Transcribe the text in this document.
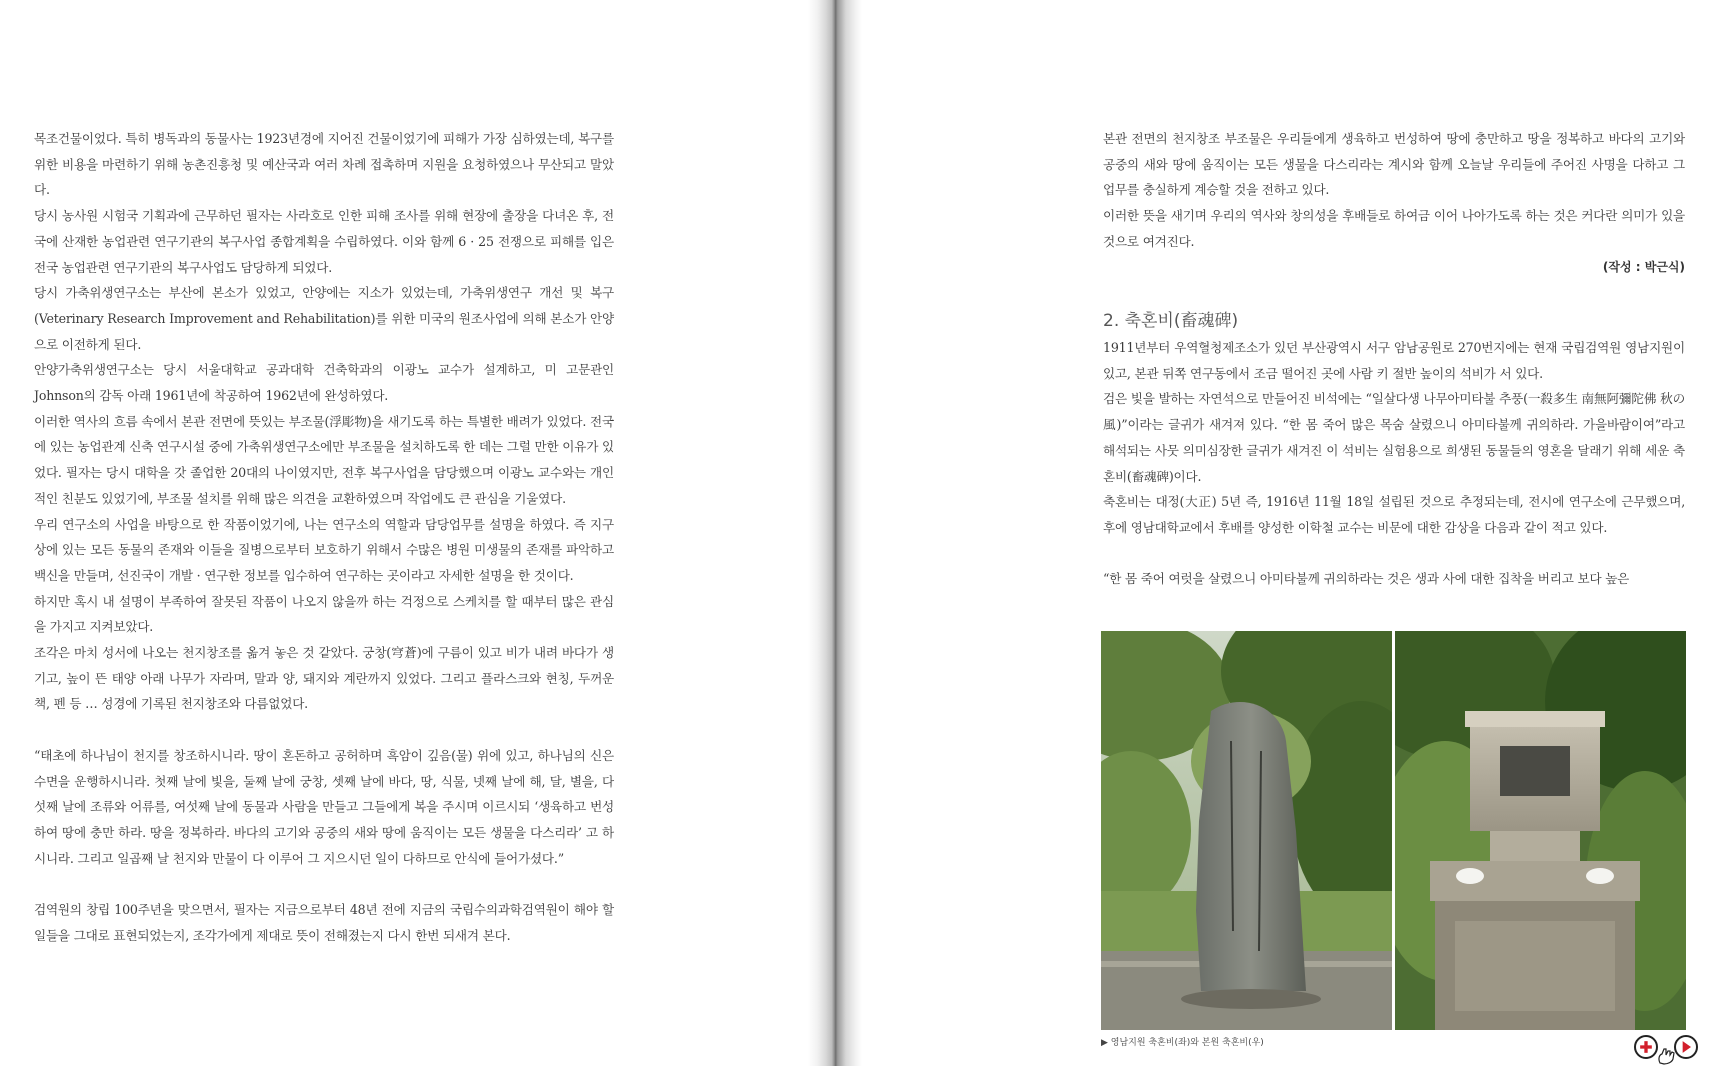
목조건물이었다. 특히 병독과의 동물사는 1923년경에 지어진 건물이었기에 피해가 가장 심하였는데, 복구를 위한 비용을 마련하기 위해 농촌진흥청 및 예산국과 여러 차례 접촉하며 지원을 요청하였으나 무산되고 말았다.

당시 농사원 시험국 기획과에 근무하던 필자는 사라호로 인한 피해 조사를 위해 현장에 출장을 다녀온 후, 전국에 산재한 농업관련 연구기관의 복구사업 종합계획을 수립하였다. 이와 함께 6 · 25 전쟁으로 피해를 입은 전국 농업관련 연구기관의 복구사업도 담당하게 되었다.

당시 가축위생연구소는 부산에 본소가 있었고, 안양에는 지소가 있었는데, 가축위생연구 개선 및 복구(Veterinary Research Improvement and Rehabilitation)를 위한 미국의 원조사업에 의해 본소가 안양으로 이전하게 된다.

안양가축위생연구소는 당시 서울대학교 공과대학 건축학과의 이광노 교수가 설계하고, 미 고문관인 Johnson의 감독 아래 1961년에 착공하여 1962년에 완성하였다.

이러한 역사의 흐름 속에서 본관 전면에 뜻있는 부조물(浮彫物)을 새기도록 하는 특별한 배려가 있었다. 전국에 있는 농업관계 신축 연구시설 중에 가축위생연구소에만 부조물을 설치하도록 한 데는 그럴 만한 이유가 있었다. 필자는 당시 대학을 갓 졸업한 20대의 나이였지만, 전후 복구사업을 담당했으며 이광노 교수와는 개인적인 친분도 있었기에, 부조물 설치를 위해 많은 의견을 교환하였으며 작업에도 큰 관심을 기울였다.

우리 연구소의 사업을 바탕으로 한 작품이었기에, 나는 연구소의 역할과 담당업무를 설명을 하였다. 즉 지구상에 있는 모든 동물의 존재와 이들을 질병으로부터 보호하기 위해서 수많은 병원 미생물의 존재를 파악하고 백신을 만들며, 선진국이 개발 · 연구한 정보를 입수하여 연구하는 곳이라고 자세한 설명을 한 것이다.

하지만 혹시 내 설명이 부족하여 잘못된 작품이 나오지 않을까 하는 걱정으로 스케치를 할 때부터 많은 관심을 가지고 지켜보았다.

조각은 마치 성서에 나오는 천지창조를 옮겨 놓은 것 같았다. 궁창(穹蒼)에 구름이 있고 비가 내려 바다가 생기고, 높이 뜬 태양 아래 나무가 자라며, 말과 양, 돼지와 계란까지 있었다. 그리고 플라스크와 현칭, 두꺼운 책, 펜 등 … 성경에 기록된 천지창조와 다름없었다.

“태초에 하나님이 천지를 창조하시니라. 땅이 혼돈하고 공허하며 흑암이 깊음(물) 위에 있고, 하나님의 신은 수면을 운행하시니라. 첫째 날에 빛을, 둘째 날에 궁창, 셋째 날에 바다, 땅, 식물, 넷째 날에 해, 달, 별을, 다섯째 날에 조류와 어류를, 여섯째 날에 동물과 사람을 만들고 그들에게 복을 주시며 이르시되 ‘생육하고 번성하여 땅에 충만 하라. 땅을 정복하라. 바다의 고기와 공중의 새와 땅에 움직이는 모든 생물을 다스리라’ 고 하시니라. 그리고 일곱째 날 천지와 만물이 다 이루어 그 지으시던 일이 다하므로 안식에 들어가셨다.”

검역원의 창립 100주년을 맞으면서, 필자는 지금으로부터 48년 전에 지금의 국립수의과학검역원이 해야 할 일들을 그대로 표현되었는지, 조각가에게 제대로 뜻이 전해졌는지 다시 한번 되새겨 본다.

본관 전면의 천지창조 부조물은 우리들에게 생육하고 번성하여 땅에 충만하고 땅을 정복하고 바다의 고기와 공중의 새와 땅에 움직이는 모든 생물을 다스리라는 계시와 함께 오늘날 우리들에 주어진 사명을 다하고 그 업무를 충실하게 계승할 것을 전하고 있다.

이러한 뜻을 새기며 우리의 역사와 창의성을 후배들로 하여금 이어 나아가도록 하는 것은 커다란 의미가 있을 것으로 여겨진다.

(작성 : 박근식)
2. 축혼비(畜魂碑)

1911년부터 우역혈청제조소가 있던 부산광역시 서구 암남공원로 270번지에는 현재 국립검역원 영남지원이 있고, 본관 뒤쪽 연구동에서 조금 떨어진 곳에 사람 키 절반 높이의 석비가 서 있다.

검은 빛을 발하는 자연석으로 만들어진 비석에는 “일살다생 나무아미타불 추풍(一殺多生 南無阿彌陀佛 秋の風)”이라는 글귀가 새겨져 있다. “한 몸 죽어 많은 목숨 살렸으니 아미타불께 귀의하라. 가을바람이여”라고 해석되는 사뭇 의미심장한 글귀가 새겨진 이 석비는 실험용으로 희생된 동물들의 영혼을 달래기 위해 세운 축혼비(畜魂碑)이다.

축혼비는 대정(大正) 5년 즉, 1916년 11월 18일 설립된 것으로 추정되는데, 전시에 연구소에 근무했으며, 후에 영남대학교에서 후배를 양성한 이학철 교수는 비문에 대한 감상을 다음과 같이 적고 있다.

“한 몸 죽어 여럿을 살렸으니 아미타불께 귀의하라는 것은 생과 사에 대한 집착을 버리고 보다 높은

▶ 영남지원 축혼비(좌)와 본원 축혼비(우)
